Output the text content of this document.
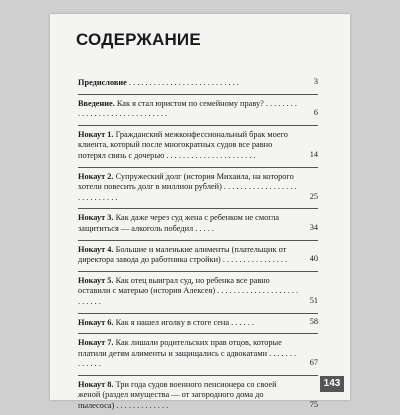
СОДЕРЖАНИЕ
Предисловие . . . . . . . . . . . . . . . . . . . . . . . . . . .	3
Введение. Как я стал юристом по семейному праву? . . . . . . . . . . . . . . . . . . . . . . . . . . . . . .	6
Нокаут 1. Гражданский межконфессиональный брак моего клиента, который после многократных судов все равно потерял связь с дочерью . . . . . . . . . . . . . . . . . . . . . .	14
Нокаут 2. Супружеский долг (история Михаила, на которого хотели повесить долг в миллион рублей) . . . . . . . . . . . . . . . . . . . . . . . . . . . .	25
Нокаут 3. Как даже через суд жена с ребенком не смогла защититься — алкоголь победил . . . . .	34
Нокаут 4. Большие и маленькие алименты (плательщик от директора завода до работника стройки) . . . . . . . . . . . . . . . .	40
Нокаут 5. Как отец выиграл суд, но ребенка все равно оставили с матерью (история Алексея) . . . . . . . . . . . . . . . . . . . . . . . . . .	51
Нокаут 6. Как я нашел иголку в стоге сена . . . . . .	58
Нокаут 7. Как лишали родительских прав отцов, которые платили детям алименты и защищались с адвокатами . . . . . . . . . . . . .	67
Нокаут 8. Три года судов военного пенсионера со своей женой (раздел имущества — от загородного дома до пылесоса) . . . . . . . . . . . . .	75
143
